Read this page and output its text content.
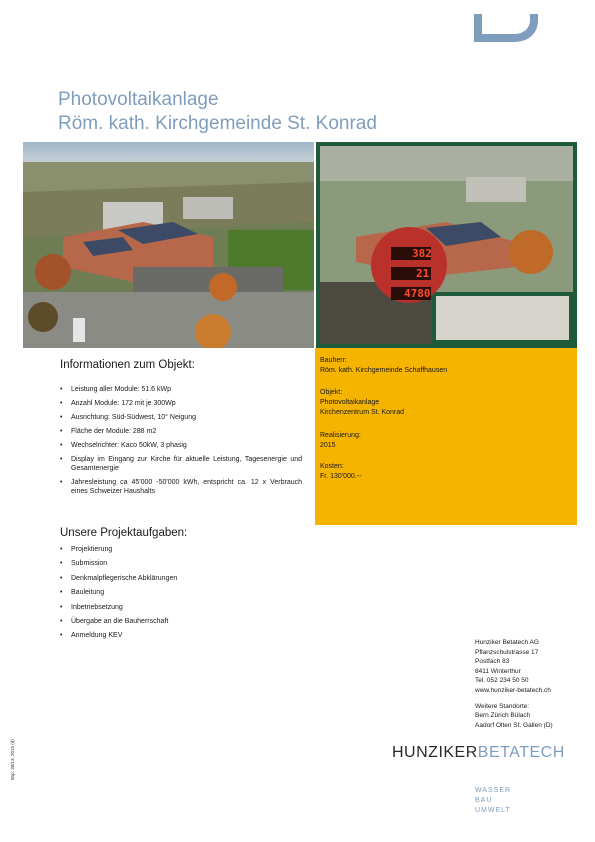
Photovoltaikanlage
Röm. kath. Kirchgemeinde St. Konrad
382
21
4780
Informationen zum Objekt:
• Leistung aller Module: 51.6 kWp
• Anzahl Module: 172 mit je 300Wp
• Ausrichtung: Süd-Südwest, 10° Neigung
• Fläche der Module: 288 m2
• Wechselrichter: Kaco 50kW, 3 phasig
• Display im Eingang zur Kirche für aktuelle Leistung, Tagesenergie und Gesamtenergie
• Jahresleistung ca 45'000 -50'000 kWh, entspricht ca. 12 x Verbrauch eines Schweizer Haushalts
Unsere Projektaufgaben:
• Projektierung
• Submission
• Denkmalpflegerische Abklärungen
• Bauleitung
• Inbetriebsetzung
• Übergabe an die Bauherrschaft
• Anmeldung KEV
Bauherr:
Röm. kath. Kirchgemeinde Schaffhausen
Objekt:
Photovoltaikanlage
Kirchenzentrum St. Konrad
Realisierung:
2015
Kosten:
Fr. 130'000.--
Hunziker Betatech AG
Pflanzschulstrasse 17
Postfach 83
8411 Winterthur
Tel. 052 234 50 50
www.hunziker-betatech.ch
Weitere Standorte:
Bern Zürich Bülach
Aadorf Olten St. Gallen (D)
HUNZIKERBETATECH
WASSER
BAU
UMWELT
Bsp. 30/13, 2015 (d)
